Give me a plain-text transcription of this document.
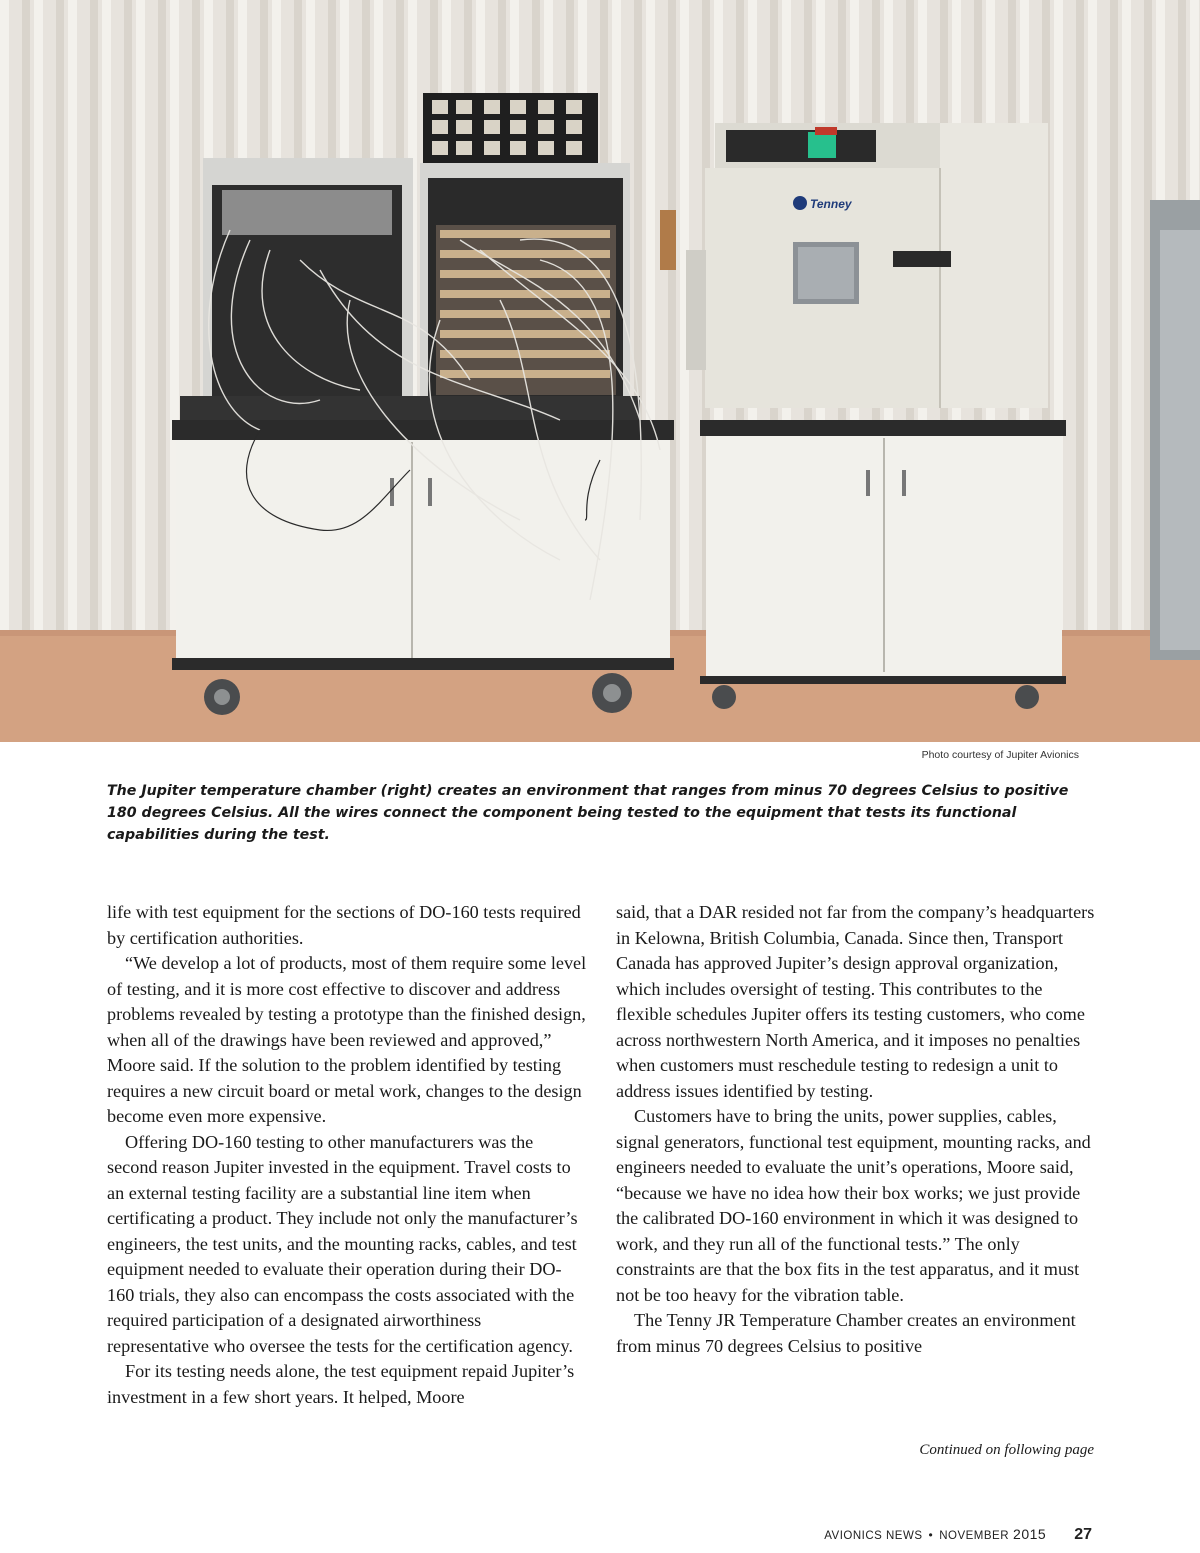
Tenney
Photo courtesy of Jupiter Avionics
The Jupiter temperature chamber (right) creates an environment that ranges from minus 70 degrees Celsius to positive 180 degrees Celsius. All the wires connect the component being tested to the equipment that tests its functional capabilities during the test.

life with test equipment for the sections of DO-160 tests required by certification authorities.

“We develop a lot of products, most of them require some level of testing, and it is more cost effective to discover and address problems revealed by testing a prototype than the finished design, when all of the drawings have been reviewed and approved,” Moore said. If the solution to the problem identified by testing requires a new circuit board or metal work, changes to the design become even more expensive.

Offering DO-160 testing to other manufacturers was the second reason Jupiter invested in the equipment. Travel costs to an external testing facility are a substantial line item when certificating a product. They include not only the manufacturer’s engineers, the test units, and the mounting racks, cables, and test equipment needed to evaluate their operation during their DO-160 trials, they also can encompass the costs associated with the required participation of a designated airworthiness representative who oversee the tests for the certification agency.

For its testing needs alone, the test equipment repaid Jupiter’s investment in a few short years. It helped, Moore

said, that a DAR resided not far from the company’s headquarters in Kelowna, British Columbia, Canada. Since then, Transport Canada has approved Jupiter’s design approval organization, which includes oversight of testing. This contributes to the flexible schedules Jupiter offers its testing customers, who come across northwestern North America, and it imposes no penalties when customers must reschedule testing to redesign a unit to address issues identified by testing.

Customers have to bring the units, power supplies, cables, signal generators, functional test equipment, mounting racks, and engineers needed to evaluate the unit’s operations, Moore said, “because we have no idea how their box works; we just provide the calibrated DO-160 environment in which it was designed to work, and they run all of the functional tests.” The only constraints are that the box fits in the test apparatus, and it must not be too heavy for the vibration table.

The Tenny JR Temperature Chamber creates an environment from minus 70 degrees Celsius to positive

Continued on following page
AVIONICS NEWS • NOVEMBER 2015 27
